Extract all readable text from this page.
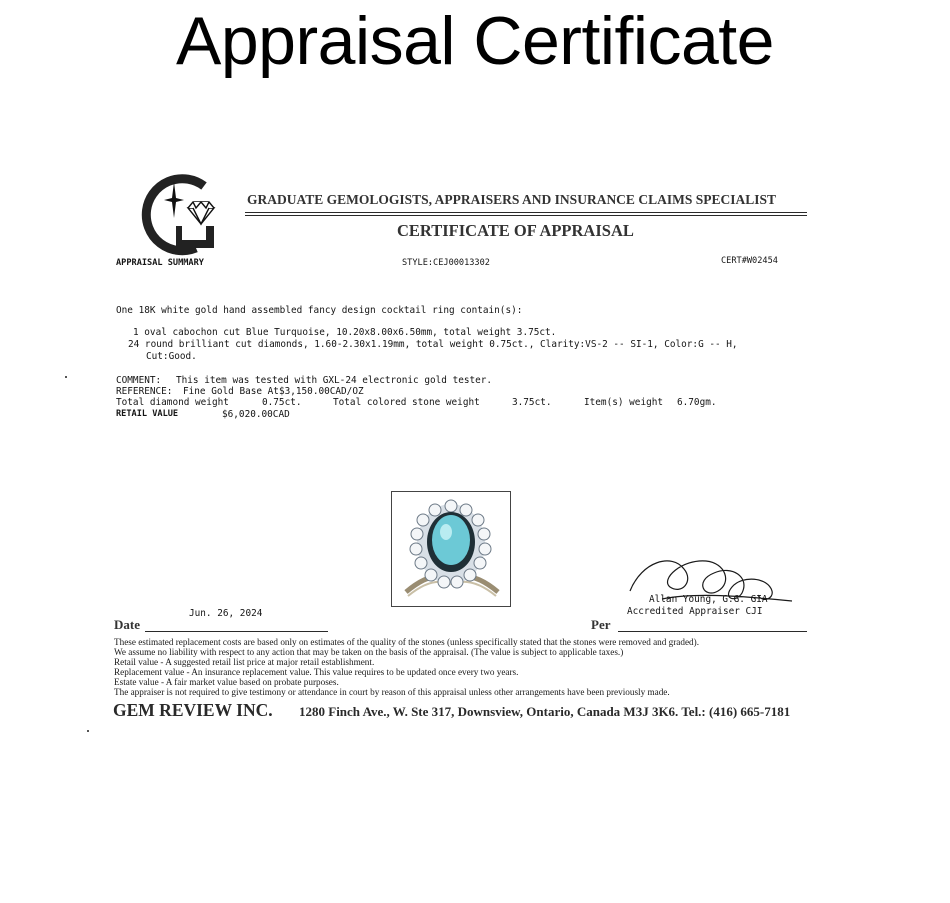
Appraisal Certificate
GRADUATE GEMOLOGISTS, APPRAISERS AND INSURANCE CLAIMS SPECIALIST
CERTIFICATE OF APPRAISAL
APPRAISAL SUMMARY	STYLE:CEJ00013302	CERT#W02454
One 18K white gold hand assembled fancy design cocktail ring contain(s):
1 oval cabochon cut Blue Turquoise, 10.20x8.00x6.50mm, total weight 3.75ct.
24 round brilliant cut diamonds, 1.60-2.30x1.19mm, total weight 0.75ct., Clarity:VS-2 -- SI-1, Color:G -- H,
Cut:Good.
COMMENT: This item was tested with GXL-24 electronic gold tester.
REFERENCE: Fine Gold Base At$3,150.00CAD/OZ
Total diamond weight	0.75ct.	Total colored stone weight	3.75ct.	Item(s) weight 6.70gm.
RETAIL VALUE	$6,020.00CAD
Allan Young, G.G. GIA
Accredited Appraiser CJI
Jun. 26, 2024
Date	Per
These estimated replacement costs are based only on estimates of the quality of the stones (unless specifically stated that the stones were removed and graded).
We assume no liability with respect to any action that may be taken on the basis of the appraisal. (The value is subject to applicable taxes.)
Retail value - A suggested retail list price at major retail establishment.
Replacement value - An insurance replacement value. This value requires to be updated once every two years.
Estate value - A fair market value based on probate purposes.
The appraiser is not required to give testimony or attendance in court by reason of this appraisal unless other arrangements have been previously made.
GEM REVIEW INC. 1280 Finch Ave., W. Ste 317, Downsview, Ontario, Canada M3J 3K6. Tel.: (416) 665-7181
